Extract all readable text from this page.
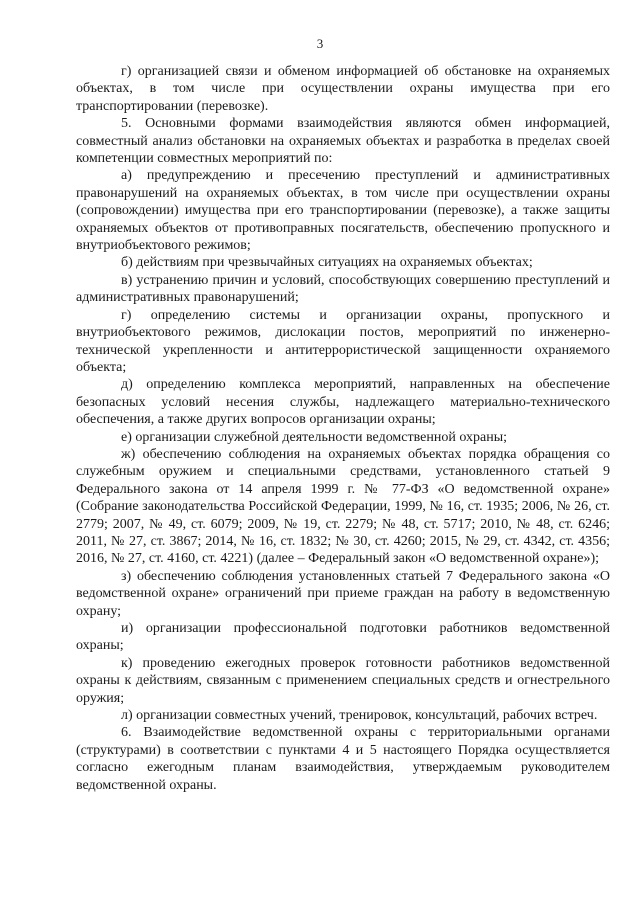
3

г) организацией связи и обменом информацией об обстановке на охраняемых объектах, в том числе при осуществлении охраны имущества при его транспортировании (перевозке).

5. Основными формами взаимодействия являются обмен информацией, совместный анализ обстановки на охраняемых объектах и разработка в пределах своей компетенции совместных мероприятий по:

а) предупреждению и пресечению преступлений и административных правонарушений на охраняемых объектах, в том числе при осуществлении охраны (сопровождении) имущества при его транспортировании (перевозке), а также защиты охраняемых объектов от противоправных посягательств, обеспечению пропускного и внутриобъектового режимов;

б) действиям при чрезвычайных ситуациях на охраняемых объектах;

в) устранению причин и условий, способствующих совершению преступлений и административных правонарушений;

г) определению системы и организации охраны, пропускного и внутриобъектового режимов, дислокации постов, мероприятий по инженерно-технической укрепленности и антитеррористической защищенности охраняемого объекта;

д) определению комплекса мероприятий, направленных на обеспечение безопасных условий несения службы, надлежащего материально-технического обеспечения, а также других вопросов организации охраны;

е) организации служебной деятельности ведомственной охраны;

ж) обеспечению соблюдения на охраняемых объектах порядка обращения со служебным оружием и специальными средствами, установленного статьей 9 Федерального закона от 14 апреля 1999 г. № 77-ФЗ «О ведомственной охране» (Собрание законодательства Российской Федерации, 1999, № 16, ст. 1935; 2006, № 26, ст. 2779; 2007, № 49, ст. 6079; 2009, № 19, ст. 2279; № 48, ст. 5717; 2010, № 48, ст. 6246; 2011, № 27, ст. 3867; 2014, № 16, ст. 1832; № 30, ст. 4260; 2015, № 29, ст. 4342, ст. 4356; 2016, № 27, ст. 4160, ст. 4221) (далее – Федеральный закон «О ведомственной охране»);

з) обеспечению соблюдения установленных статьей 7 Федерального закона «О ведомственной охране» ограничений при приеме граждан на работу в ведомственную охрану;

и) организации профессиональной подготовки работников ведомственной охраны;

к) проведению ежегодных проверок готовности работников ведомственной охраны к действиям, связанным с применением специальных средств и огнестрельного оружия;

л) организации совместных учений, тренировок, консультаций, рабочих встреч.

6. Взаимодействие ведомственной охраны с территориальными органами (структурами) в соответствии с пунктами 4 и 5 настоящего Порядка осуществляется согласно ежегодным планам взаимодействия, утверждаемым руководителем ведомственной охраны.
